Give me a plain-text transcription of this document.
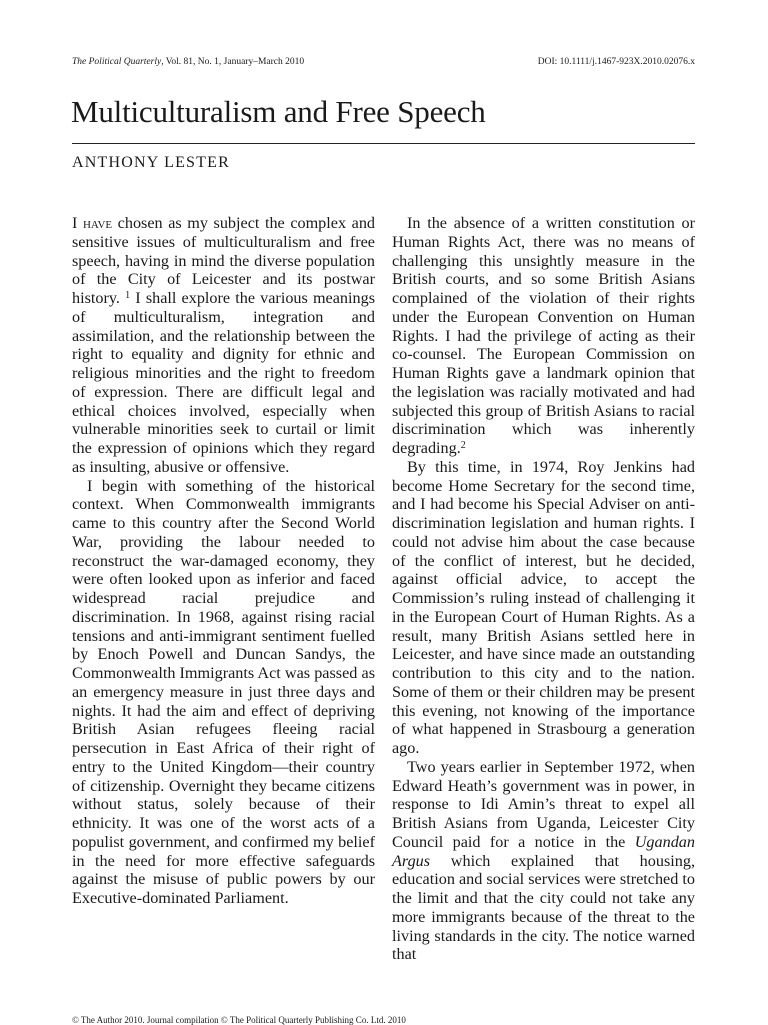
The Political Quarterly, Vol. 81, No. 1, January–March 2010	DOI: 10.1111/j.1467-923X.2010.02076.x
Multiculturalism and Free Speech
ANTHONY LESTER

I have chosen as my subject the complex and sensitive issues of multiculturalism and free speech, having in mind the diverse population of the City of Leicester and its postwar history. $^1$ I shall explore the various meanings of multiculturalism, integration and assimilation, and the relationship between the right to equality and dignity for ethnic and religious minorities and the right to freedom of expression. There are difficult legal and ethical choices involved, especially when vulnerable minorities seek to curtail or limit the expression of opinions which they regard as insulting, abusive or offensive.

I begin with something of the historical context. When Commonwealth immigrants came to this country after the Second World War, providing the labour needed to reconstruct the war-damaged economy, they were often looked upon as inferior and faced widespread racial prejudice and discrimination. In 1968, against rising racial tensions and anti-immigrant sentiment fuelled by Enoch Powell and Duncan Sandys, the Commonwealth Immigrants Act was passed as an emergency measure in just three days and nights. It had the aim and effect of depriving British Asian refugees fleeing racial persecution in East Africa of their right of entry to the United Kingdom—their country of citizenship. Overnight they became citizens without status, solely because of their ethnicity. It was one of the worst acts of a populist government, and confirmed my belief in the need for more effective safeguards against the misuse of public powers by our Executive-dominated Parliament.

In the absence of a written constitution or Human Rights Act, there was no means of challenging this unsightly measure in the British courts, and so some British Asians complained of the violation of their rights under the European Convention on Human Rights. I had the privilege of acting as their co-counsel. The European Commission on Human Rights gave a landmark opinion that the legislation was racially motivated and had subjected this group of British Asians to racial discrimination which was inherently degrading.$^2$

By this time, in 1974, Roy Jenkins had become Home Secretary for the second time, and I had become his Special Adviser on anti-discrimination legislation and human rights. I could not advise him about the case because of the conflict of interest, but he decided, against official advice, to accept the Commission’s ruling instead of challenging it in the European Court of Human Rights. As a result, many British Asians settled here in Leicester, and have since made an outstanding contribution to this city and to the nation. Some of them or their children may be present this evening, not knowing of the importance of what happened in Strasbourg a generation ago.

Two years earlier in September 1972, when Edward Heath’s government was in power, in response to Idi Amin’s threat to expel all British Asians from Uganda, Leicester City Council paid for a notice in the Ugandan Argus which explained that housing, education and social services were stretched to the limit and that the city could not take any more immigrants because of the threat to the living standards in the city. The notice warned that

© The Author 2010. Journal compilation © The Political Quarterly Publishing Co. Ltd. 2010
